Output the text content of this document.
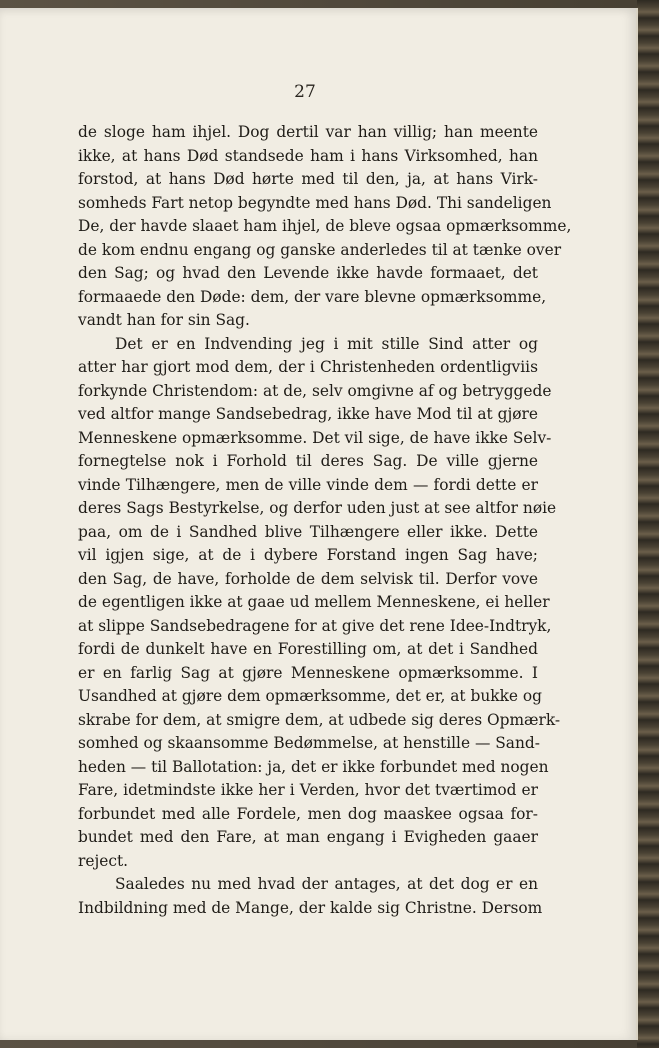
27
de sloge ham ihjel. Dog dertil var han villig; han meente
ikke, at hans Død standsede ham i hans Virksomhed, han
forstod, at hans Død hørte med til den, ja, at hans Virk-
somheds Fart netop begyndte med hans Død. Thi sandeligen
De, der havde slaaet ham ihjel, de bleve ogsaa opmærksomme,
de kom endnu engang og ganske anderledes til at tænke over
den Sag; og hvad den Levende ikke havde formaaet, det
formaaede den Døde: dem, der vare blevne opmærksomme,
vandt han for sin Sag.
Det er en Indvending jeg i mit stille Sind atter og
atter har gjort mod dem, der i Christenheden ordentligviis
forkynde Christendom: at de, selv omgivne af og betryggede
ved altfor mange Sandsebedrag, ikke have Mod til at gjøre
Menneskene opmærksomme. Det vil sige, de have ikke Selv-
fornegtelse nok i Forhold til deres Sag. De ville gjerne
vinde Tilhængere, men de ville vinde dem — fordi dette er
deres Sags Bestyrkelse, og derfor uden just at see altfor nøie
paa, om de i Sandhed blive Tilhængere eller ikke. Dette
vil igjen sige, at de i dybere Forstand ingen Sag have;
den Sag, de have, forholde de dem selvisk til. Derfor vove
de egentligen ikke at gaae ud mellem Menneskene, ei heller
at slippe Sandsebedragene for at give det rene Idee-Indtryk,
fordi de dunkelt have en Forestilling om, at det i Sandhed
er en farlig Sag at gjøre Menneskene opmærksomme. I
Usandhed at gjøre dem opmærksomme, det er, at bukke og
skrabe for dem, at smigre dem, at udbede sig deres Opmærk-
somhed og skaansomme Bedømmelse, at henstille — Sand-
heden — til Ballotation: ja, det er ikke forbundet med nogen
Fare, idetmindste ikke her i Verden, hvor det tværtimod er
forbundet med alle Fordele, men dog maaskee ogsaa for-
bundet med den Fare, at man engang i Evigheden gaaer
reject.
Saaledes nu med hvad der antages, at det dog er en
Indbildning med de Mange, der kalde sig Christne. Dersom
